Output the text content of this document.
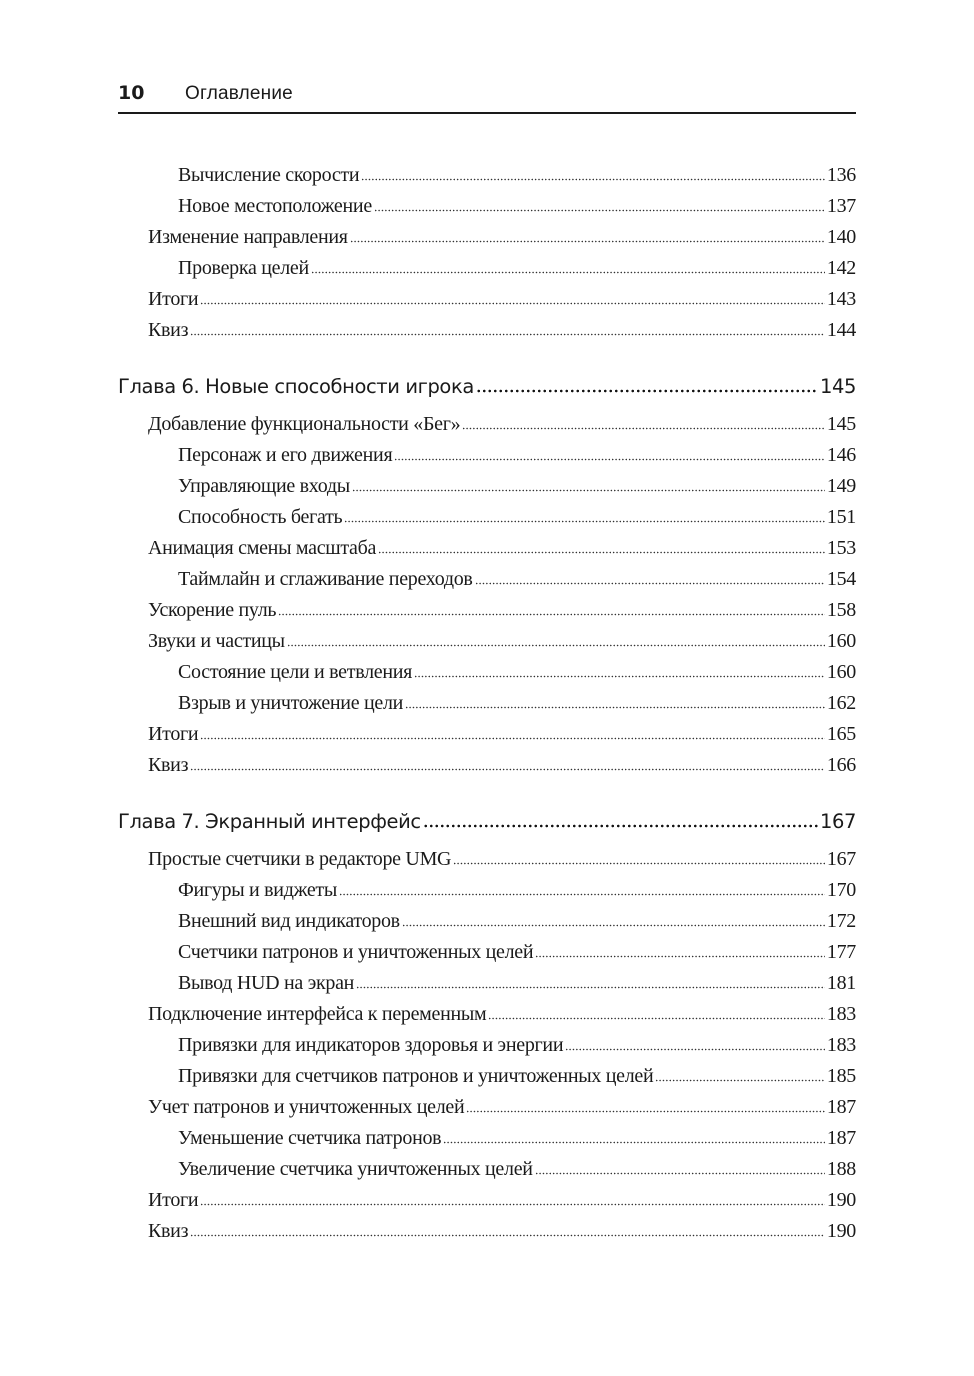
10 Оглавление
Вычисление скорости	136
Новое местоположение	137
Изменение направления	140
Проверка целей	142
Итоги	143
Квиз	144
Глава 6. Новые способности игрока	145
Добавление функциональности «Бег»	145
Персонаж и его движения	146
Управляющие входы	149
Способность бегать	151
Анимация смены масштаба	153
Таймлайн и сглаживание переходов	154
Ускорение пуль	158
Звуки и частицы	160
Состояние цели и ветвления	160
Взрыв и уничтожение цели	162
Итоги	165
Квиз	166
Глава 7. Экранный интерфейс	167
Простые счетчики в редакторе UMG	167
Фигуры и виджеты	170
Внешний вид индикаторов	172
Счетчики патронов и уничтоженных целей	177
Вывод HUD на экран	181
Подключение интерфейса к переменным	183
Привязки для индикаторов здоровья и энергии	183
Привязки для счетчиков патронов и уничтоженных целей	185
Учет патронов и уничтоженных целей	187
Уменьшение счетчика патронов	187
Увеличение счетчика уничтоженных целей	188
Итоги	190
Квиз	190
